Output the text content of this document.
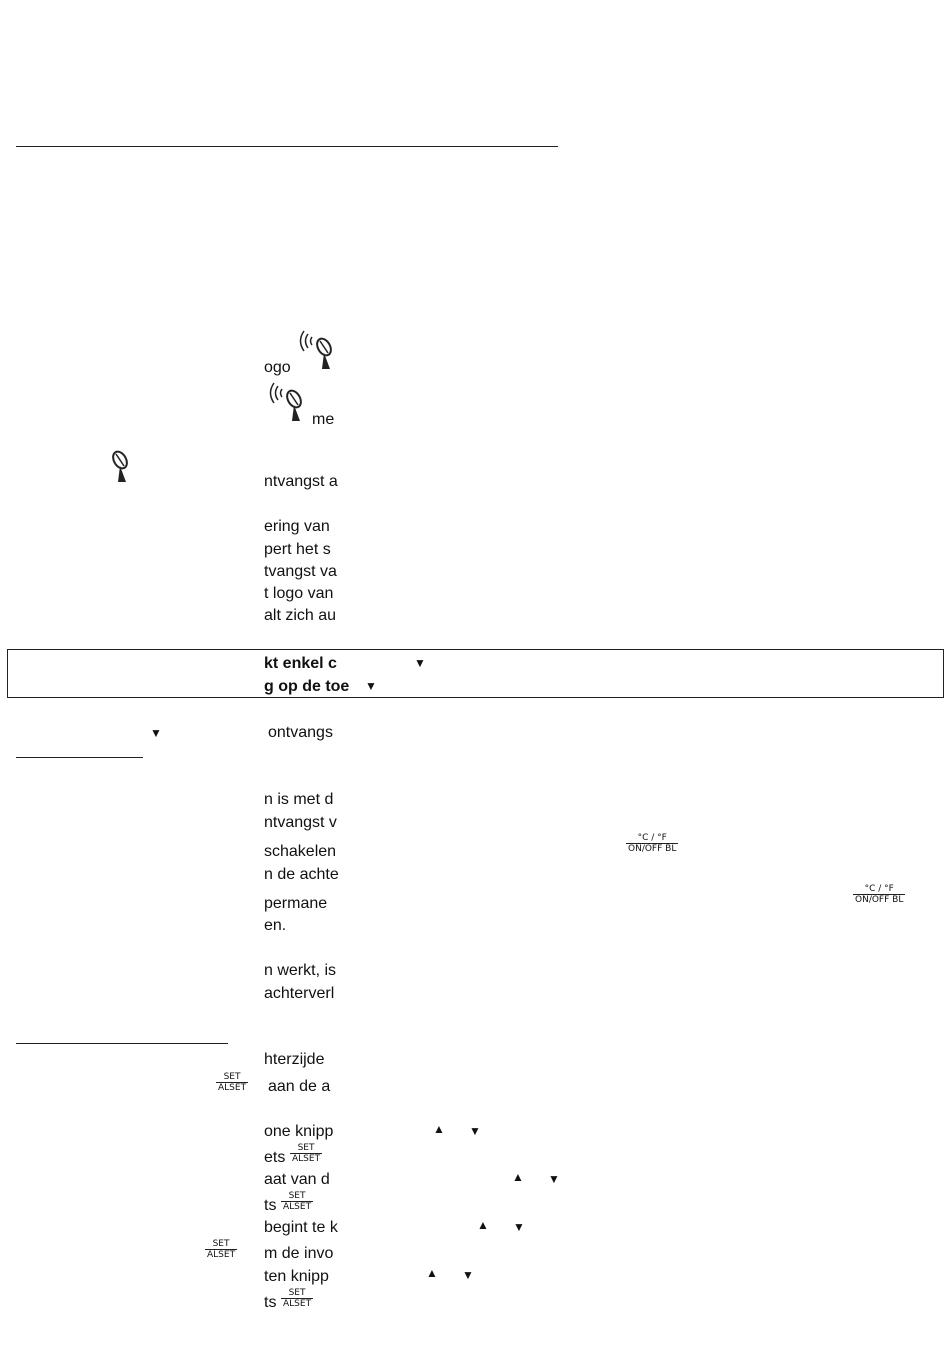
ogo
me
ntvangst a
ering van
pert het s
tvangst va
t logo van
alt zich au
kt enkel c
g op de toe
▼
▼
▼	ontvangs
n is met d
ntvangst v
schakelen
n de achte
permane
en.
n werkt, is
achterverl
°C / °F
ON/OFF BL
°C / °F
ON/OFF BL
hterzijde
SET
ALSET aan de a
one knipp	▲ ▼
ets
SET
ALSET
aat van d	▲ ▼
ts
SET
ALSET
begint te k	▲ ▼
SET
ALSET m de invo
ten knipp	▲ ▼
ts
SET
ALSET
